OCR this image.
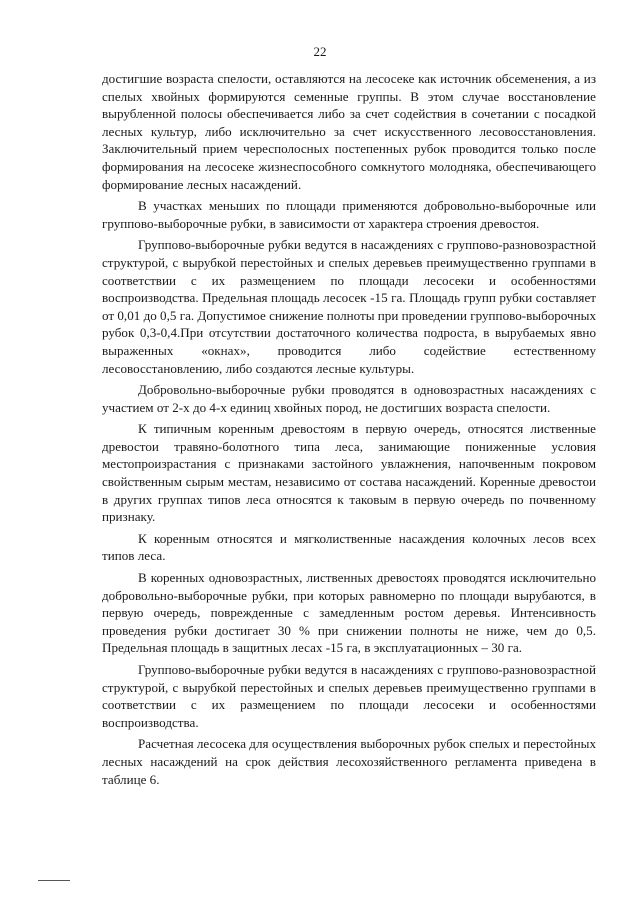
22

достигшие возраста спелости, оставляются на лесосеке как источник обсеменения, а из спелых хвойных формируются семенные группы. В этом случае восстановление вырубленной полосы обеспечивается либо за счет содействия в сочетании с посадкой лесных культур, либо исключительно за счет искусственного лесовосстановления. Заключительный прием чересполосных постепенных рубок проводится только после формирования на лесосеке жизнеспособного сомкнутого молодняка, обеспечивающего формирование лесных насаждений.

В участках меньших по площади применяются добровольно-выборочные или группово-выборочные рубки, в зависимости от характера строения древостоя.

Группово-выборочные рубки ведутся в насаждениях с группово-разновозрастной структурой, с вырубкой перестойных и спелых деревьев преимущественно группами в соответствии с их размещением по площади лесосеки и особенностями воспроизводства. Предельная площадь лесосек -15 га. Площадь групп рубки составляет от 0,01 до 0,5 га. Допустимое снижение полноты при проведении группово-выборочных рубок 0,3-0,4.При отсутствии достаточного количества подроста, в вырубаемых явно выраженных «окнах», проводится либо содействие естественному лесовосстановлению, либо создаются лесные культуры.

Добровольно-выборочные рубки проводятся в одновозрастных насаждениях с участием от 2-х до 4-х единиц хвойных пород, не достигших возраста спелости.

К типичным коренным древостоям в первую очередь, относятся лиственные древостои травяно-болотного типа леса, занимающие пониженные условия местопроизрастания с признаками застойного увлажнения, напочвенным покровом свойственным сырым местам, независимо от состава насаждений. Коренные древостои в других группах типов леса относятся к таковым в первую очередь по почвенному признаку.

К коренным относятся и мягколиственные насаждения колочных лесов всех типов леса.

В коренных одновозрастных, лиственных древостоях проводятся исключительно добровольно-выборочные рубки, при которых равномерно по площади вырубаются, в первую очередь, поврежденные с замедленным ростом деревья. Интенсивность проведения рубки достигает 30 % при снижении полноты не ниже, чем до 0,5. Предельная площадь в защитных лесах -15 га, в эксплуатационных – 30 га.

Группово-выборочные рубки ведутся в насаждениях с группово-разновозрастной структурой, с вырубкой перестойных и спелых деревьев преимущественно группами в соответствии с их размещением по площади лесосеки и особенностями воспроизводства.

Расчетная лесосека для осуществления выборочных рубок спелых и перестойных лесных насаждений на срок действия лесохозяйственного регламента приведена в таблице 6.
